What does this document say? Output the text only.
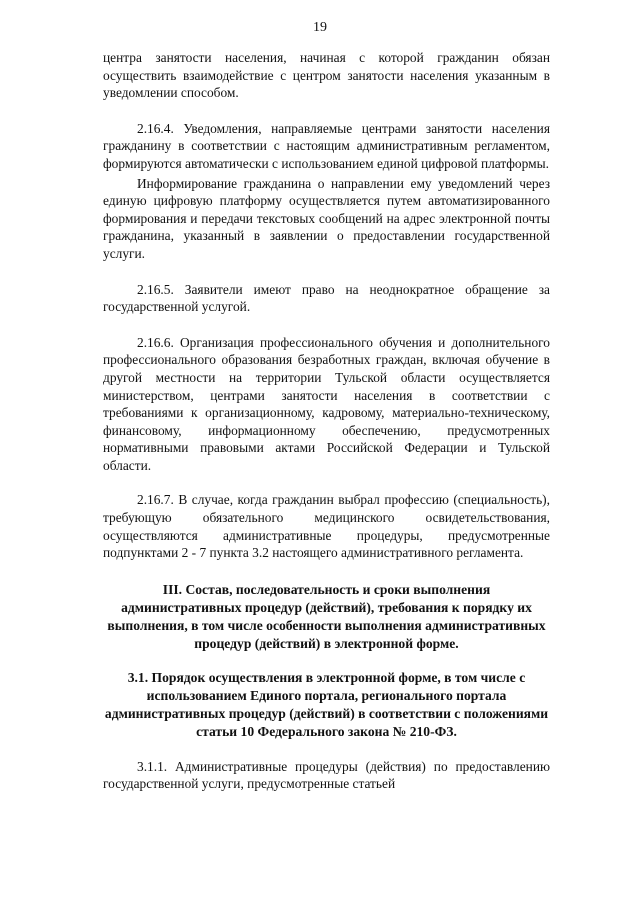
19

центра занятости населения, начиная с которой гражданин обязан осуществить взаимодействие с центром занятости населения указанным в уведомлении способом.

2.16.4. Уведомления, направляемые центрами занятости населения гражданину в соответствии с настоящим административным регламентом, формируются автоматически с использованием единой цифровой платформы.

Информирование гражданина о направлении ему уведомлений через единую цифровую платформу осуществляется путем автоматизированного формирования и передачи текстовых сообщений на адрес электронной почты гражданина, указанный в заявлении о предоставлении государственной услуги.

2.16.5. Заявители имеют право на неоднократное обращение за государственной услугой.

2.16.6. Организация профессионального обучения и дополнительного профессионального образования безработных граждан, включая обучение в другой местности на территории Тульской области осуществляется министерством, центрами занятости населения в соответствии с требованиями к организационному, кадровому, материально-техническому, финансовому, информационному обеспечению, предусмотренных нормативными правовыми актами Российской Федерации и Тульской области.

2.16.7. В случае, когда гражданин выбрал профессию (специальность), требующую обязательного медицинского освидетельствования, осуществляются административные процедуры, предусмотренные подпунктами 2 - 7 пункта 3.2 настоящего административного регламента.

III. Состав, последовательность и сроки выполнения административных процедур (действий), требования к порядку их выполнения, в том числе особенности выполнения административных процедур (действий) в электронной форме.

3.1. Порядок осуществления в электронной форме, в том числе с использованием Единого портала, регионального портала административных процедур (действий) в соответствии с положениями статьи 10 Федерального закона № 210-ФЗ.

3.1.1. Административные процедуры (действия) по предоставлению государственной услуги, предусмотренные статьей
